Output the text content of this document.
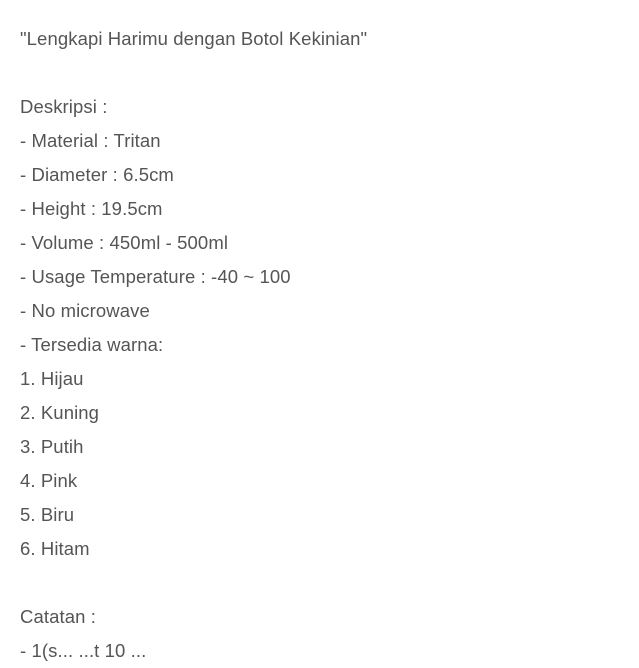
"Lengkapi Harimu dengan Botol Kekinian"
Deskripsi :
- Material : Tritan
- Diameter : 6.5cm
- Height : 19.5cm
- Volume : 450ml - 500ml
- Usage Temperature : -40 ~ 100
- No microwave
- Tersedia warna:
1. Hijau
2. Kuning
3. Putih
4. Pink
5. Biru
6. Hitam
Catatan :
- 1(s... ...t 10 ...
